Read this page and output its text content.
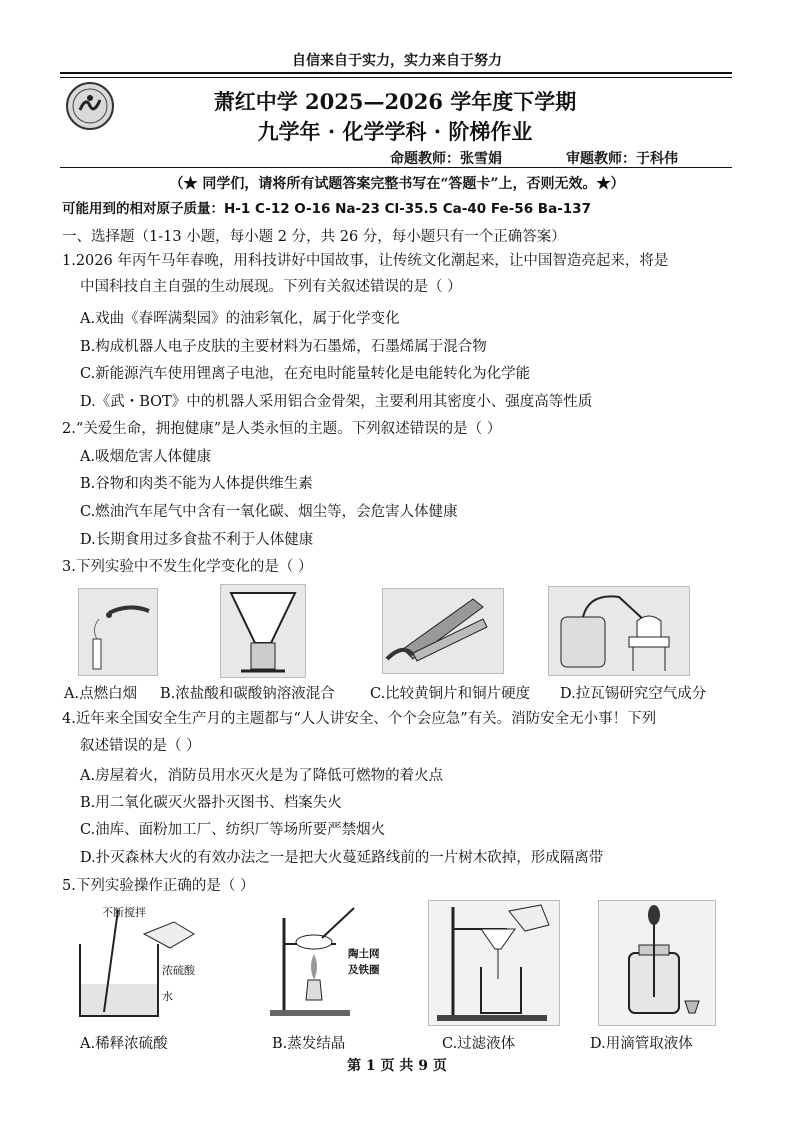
自信来自于实力，实力来自于努力
萧红中学 2025—2026 学年度下学期
九学年 · 化学学科 · 阶梯作业
命题教师：张雪娟	审题教师：于科伟
（★ 同学们，请将所有试题答案完整书写在“答题卡”上，否则无效。★）
可能用到的相对原子质量：H-1 C-12 O-16 Na-23 Cl-35.5 Ca-40 Fe-56 Ba-137
一、选择题（1-13 小题，每小题 2 分，共 26 分，每小题只有一个正确答案）
1.2026 年丙午马年春晚，用科技讲好中国故事，让传统文化潮起来，让中国智造亮起来，将是
中国科技自主自强的生动展现。下列有关叙述错误的是（ ）
A.戏曲《春晖满梨园》的油彩氧化，属于化学变化
B.构成机器人电子皮肤的主要材料为石墨烯，石墨烯属于混合物
C.新能源汽车使用锂离子电池，在充电时能量转化是电能转化为化学能
D.《武・BOT》中的机器人采用铝合金骨架，主要利用其密度小、强度高等性质
2.“关爱生命，拥抱健康”是人类永恒的主题。下列叙述错误的是（ ）
A.吸烟危害人体健康
B.谷物和肉类不能为人体提供维生素
C.燃油汽车尾气中含有一氧化碳、烟尘等，会危害人体健康
D.长期食用过多食盐不利于人体健康
3.下列实验中不发生化学变化的是（ ）
A.点燃白烟 B.浓盐酸和碳酸钠溶液混合 C.比较黄铜片和铜片硬度 D.拉瓦锡研究空气成分
4.近年来全国安全生产月的主题都与“人人讲安全、个个会应急”有关。消防安全无小事！下列
叙述错误的是（ ）
A.房屋着火，消防员用水灭火是为了降低可燃物的着火点
B.用二氧化碳灭火器扑灭图书、档案失火
C.油库、面粉加工厂、纺织厂等场所要严禁烟火
D.扑灭森林大火的有效办法之一是把大火蔓延路线前的一片树木砍掉，形成隔离带
5.下列实验操作正确的是（ ）
不断搅拌
浓硫酸
水
陶土网
及铁圈
A.稀释浓硫酸	B.蒸发结晶	C.过滤液体	D.用滴管取液体
第 1 页 共 9 页
